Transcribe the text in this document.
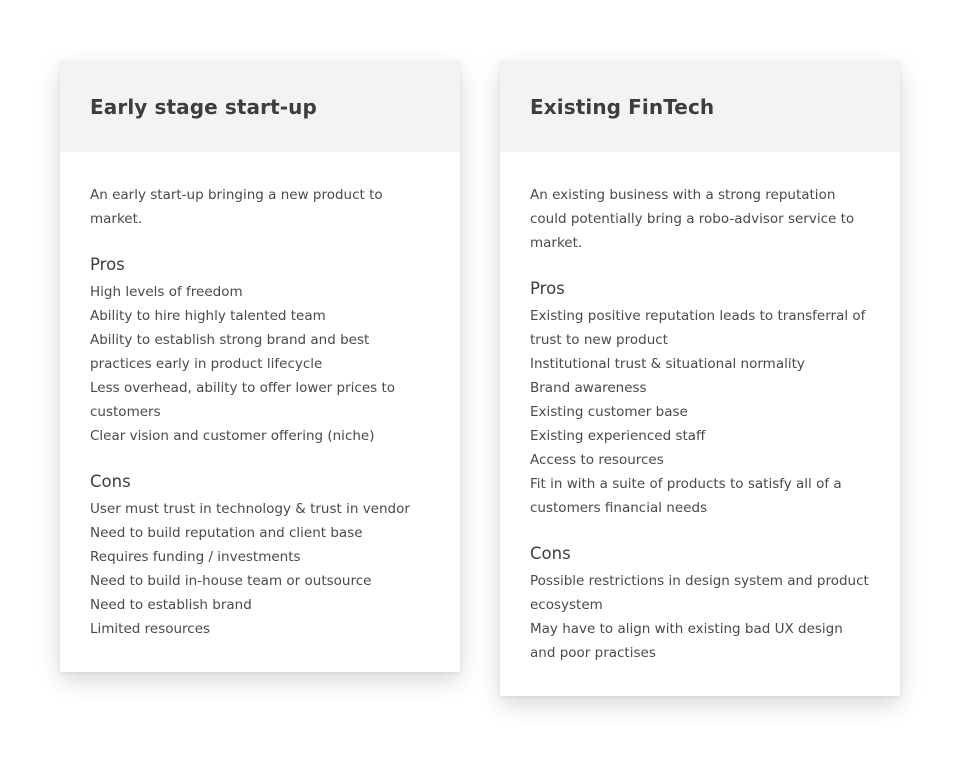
Early stage start-up

An early start-up bringing a new product to market.

Pros
High levels of freedom
Ability to hire highly talented team
Ability to establish strong brand and best practices early in product lifecycle
Less overhead, ability to offer lower prices to customers
Clear vision and customer offering (niche)
Cons
User must trust in technology & trust in vendor
Need to build reputation and client base
Requires funding / investments
Need to build in-house team or outsource
Need to establish brand
Limited resources
Existing FinTech

An existing business with a strong reputation could potentially bring a robo-advisor service to market.

Pros
Existing positive reputation leads to transferral of trust to new product
Institutional trust & situational normality
Brand awareness
Existing customer base
Existing experienced staff
Access to resources
Fit in with a suite of products to satisfy all of a customers financial needs
Cons
Possible restrictions in design system and product ecosystem
May have to align with existing bad UX design and poor practises
